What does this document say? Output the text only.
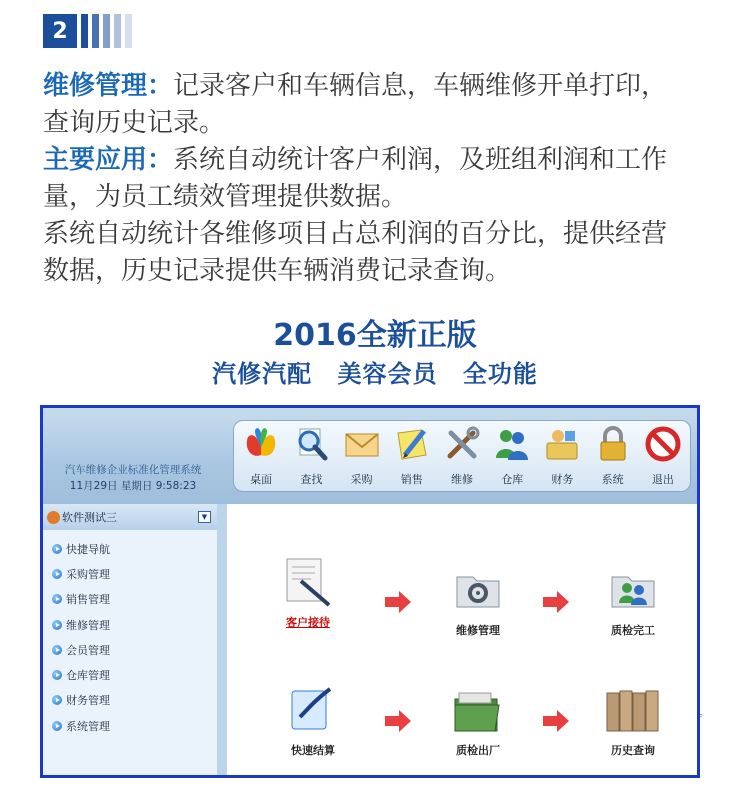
2

维修管理：记录客户和车辆信息，车辆维修开单打印，

查询历史记录。

主要应用：系统自动统计客户利润，及班组利润和工作

量，为员工绩效管理提供数据。

系统自动统计各维修项目占总利润的百分比，提供经营

数据，历史记录提供车辆消费记录查询。

2016全新正版
汽修汽配 美容会员 全功能
汽车维修企业标准化管理系统
11月29日 星期日 9:58:23	桌面	查找	采购	销售	维修	仓库	财务	系统	退出
软件测试三	▼
快捷导航
采购管理
销售管理
维修管理
会员管理
仓库管理
财务管理
系统管理
客户接待
维修管理	质检完工
快速结算	质检出厂	历史查询
。
